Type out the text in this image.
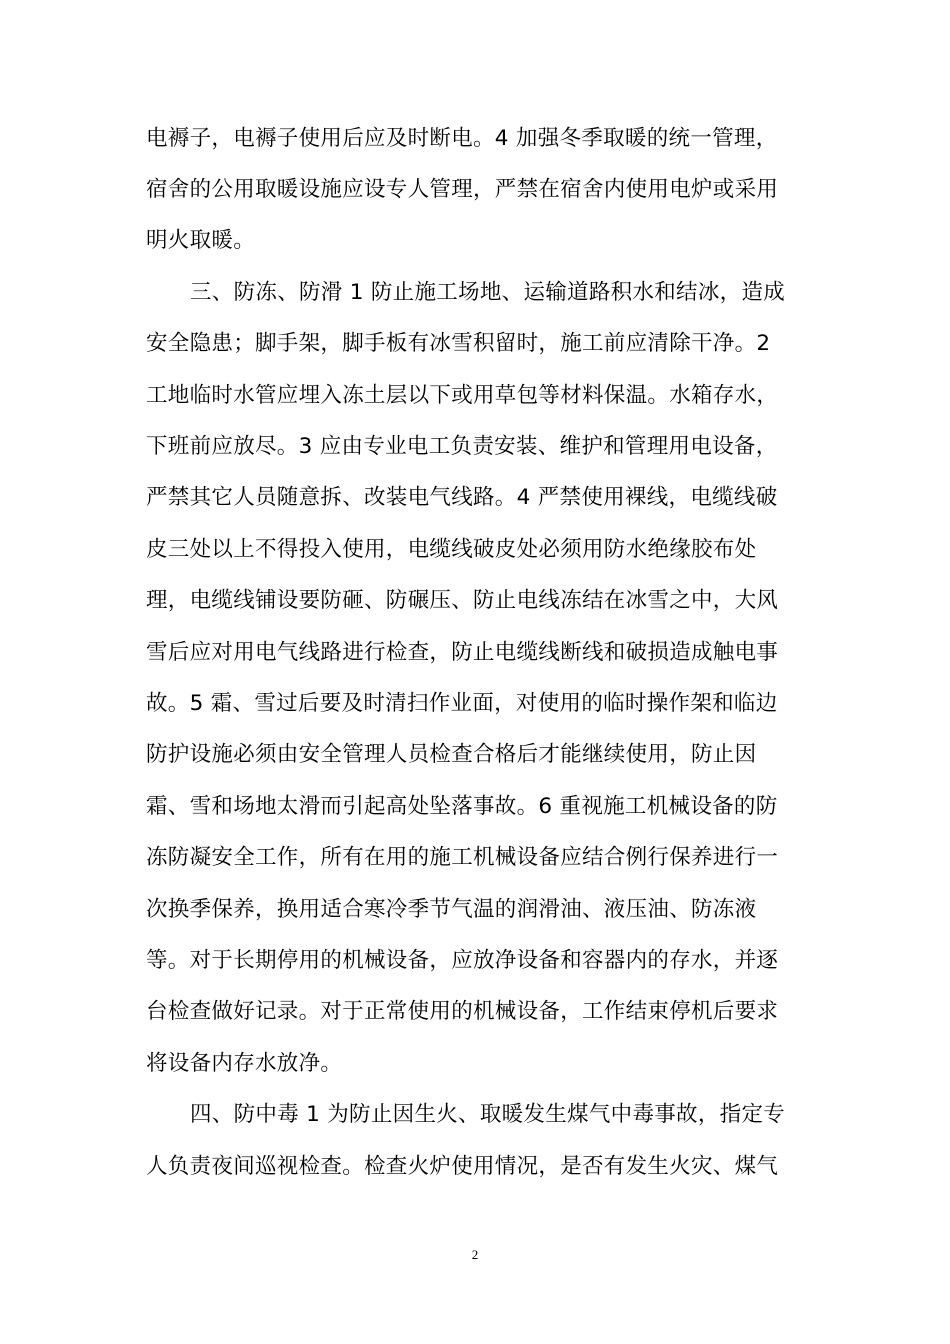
电褥子，电褥子使用后应及时断电。4 加强冬季取暖的统一管理，
宿舍的公用取暖设施应设专人管理，严禁在宿舍内使用电炉或采用
明火取暖。
三、防冻、防滑 1 防止施工场地、运输道路积水和结冰，造成
安全隐患；脚手架，脚手板有冰雪积留时，施工前应清除干净。2
工地临时水管应埋入冻土层以下或用草包等材料保温。水箱存水，
下班前应放尽。3 应由专业电工负责安装、维护和管理用电设备，
严禁其它人员随意拆、改装电气线路。4 严禁使用裸线，电缆线破
皮三处以上不得投入使用，电缆线破皮处必须用防水绝缘胶布处
理，电缆线铺设要防砸、防碾压、防止电线冻结在冰雪之中，大风
雪后应对用电气线路进行检查，防止电缆线断线和破损造成触电事
故。5 霜、雪过后要及时清扫作业面，对使用的临时操作架和临边
防护设施必须由安全管理人员检查合格后才能继续使用，防止因
霜、雪和场地太滑而引起高处坠落事故。6 重视施工机械设备的防
冻防凝安全工作，所有在用的施工机械设备应结合例行保养进行一
次换季保养，换用适合寒冷季节气温的润滑油、液压油、防冻液
等。对于长期停用的机械设备，应放净设备和容器内的存水，并逐
台检查做好记录。对于正常使用的机械设备，工作结束停机后要求
将设备内存水放净。
四、防中毒 1 为防止因生火、取暖发生煤气中毒事故，指定专
人负责夜间巡视检查。检查火炉使用情况，是否有发生火灾、煤气
2
